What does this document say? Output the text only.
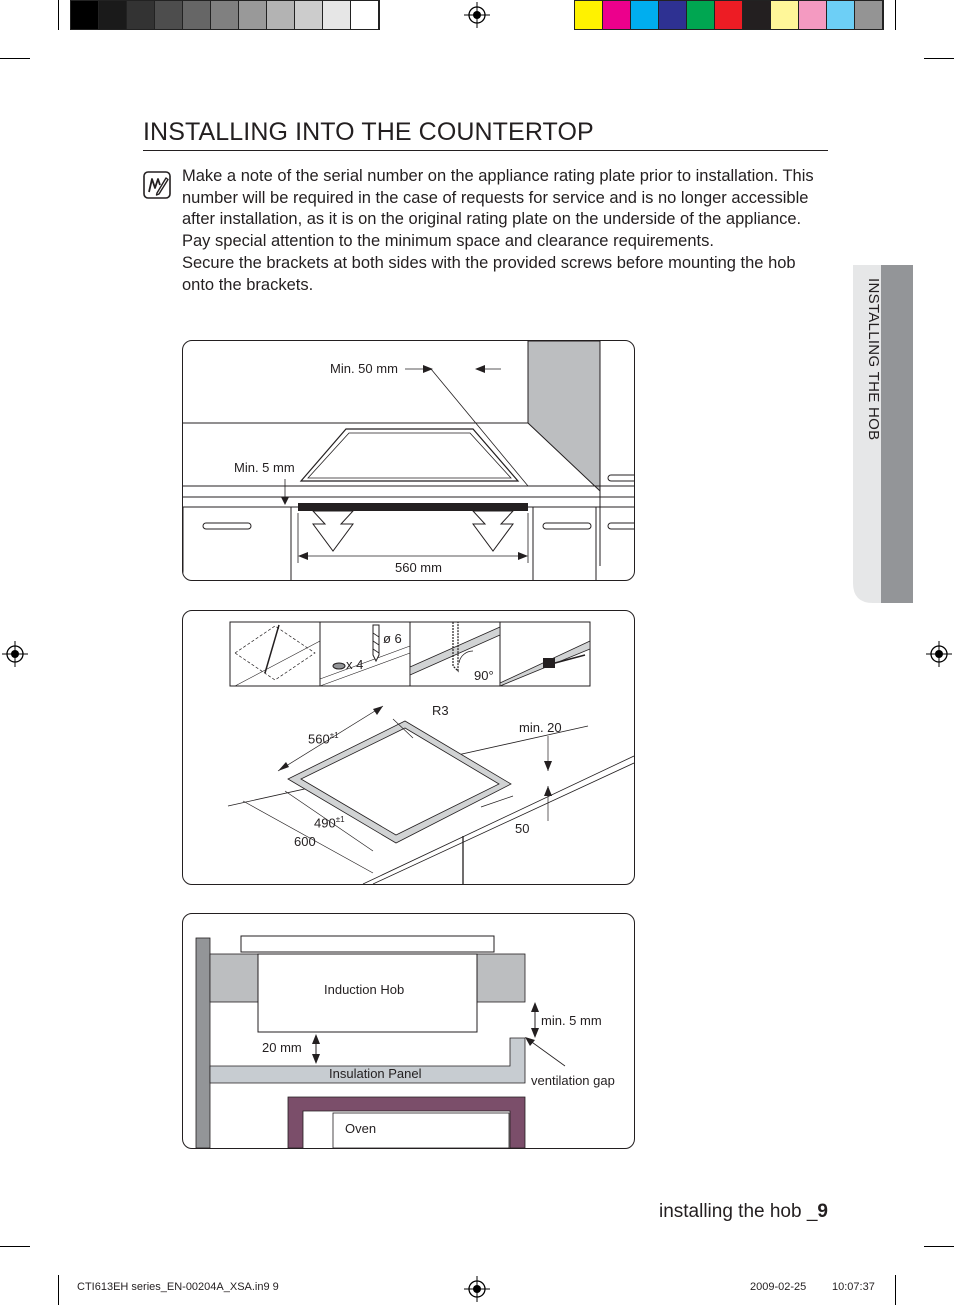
INSTALLING INTO THE COUNTERTOP

Make a note of the serial number on the appliance rating plate prior to installation. This number will be required in the case of requests for service and is no longer accessible after installation, as it is on the original rating plate on the underside of the appliance.

Pay special attention to the minimum space and clearance requirements.

Secure the brackets at both sides with the provided screws before mounting the hob onto the brackets.	INSTALLING THE HOB
Min. 50 mm
Min. 5 mm
560 mm
ø 6
x 4
90°
R3
$560^{\pm 1}$
min. 20
$490^{\pm 1}$
600
50
Induction Hob
min. 5 mm
20 mm
Insulation Panel	ventilation gap
Oven
installing the hob _9
CTI613EH series_EN-00204A_XSA.in9 9	2009-02-25 10:07:37
